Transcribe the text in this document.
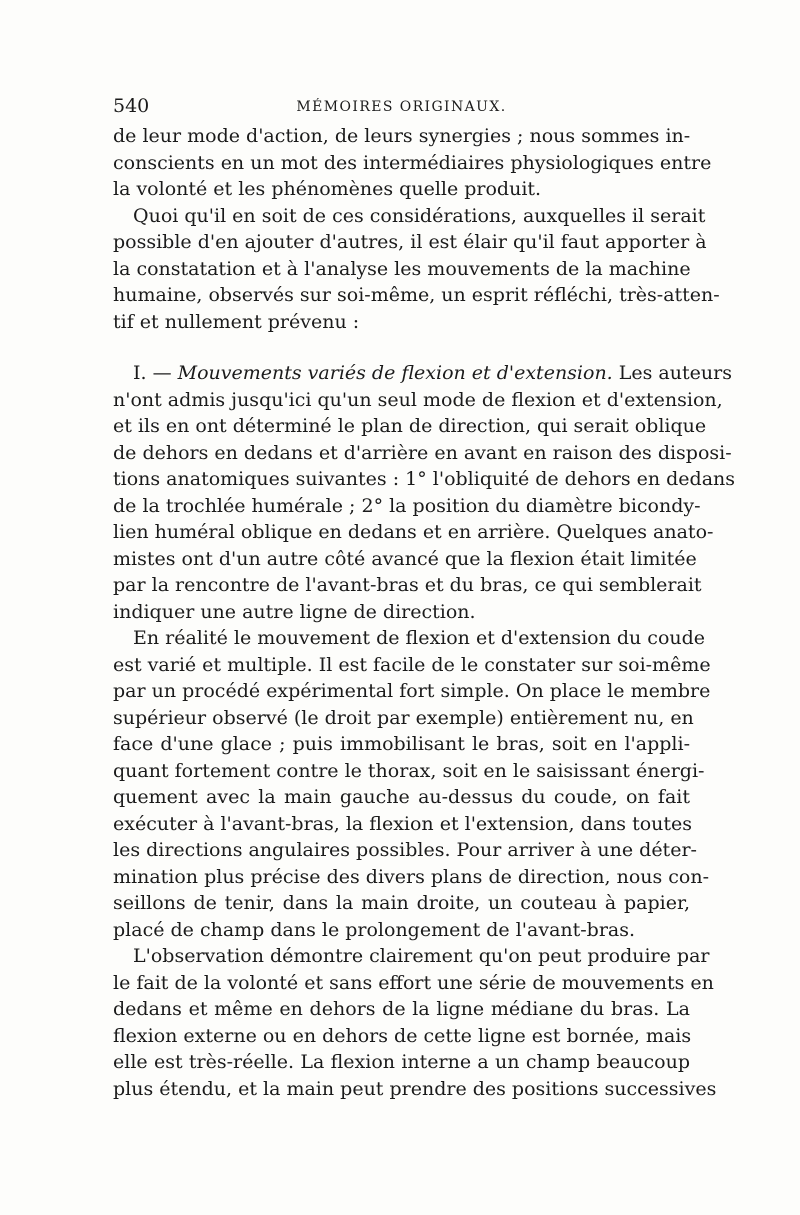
540	MÉMOIRES ORIGINAUX.
de leur mode d'action, de leurs synergies ; nous sommes in-
conscients en un mot des intermédiaires physiologiques entre
la volonté et les phénomènes quelle produit.
Quoi qu'il en soit de ces considérations, auxquelles il serait
possible d'en ajouter d'autres, il est élair qu'il faut apporter à
la constatation et à l'analyse les mouvements de la machine
humaine, observés sur soi-même, un esprit réfléchi, très-atten-
tif et nullement prévenu :
I. — Mouvements variés de flexion et d'extension. Les auteurs
n'ont admis jusqu'ici qu'un seul mode de flexion et d'extension,
et ils en ont déterminé le plan de direction, qui serait oblique
de dehors en dedans et d'arrière en avant en raison des disposi-
tions anatomiques suivantes : 1° l'obliquité de dehors en dedans
de la trochlée humérale ; 2° la position du diamètre bicondy-
lien huméral oblique en dedans et en arrière. Quelques anato-
mistes ont d'un autre côté avancé que la flexion était limitée
par la rencontre de l'avant-bras et du bras, ce qui semblerait
indiquer une autre ligne de direction.
En réalité le mouvement de flexion et d'extension du coude
est varié et multiple. Il est facile de le constater sur soi-même
par un procédé expérimental fort simple. On place le membre
supérieur observé (le droit par exemple) entièrement nu, en
face d'une glace ; puis immobilisant le bras, soit en l'appli-
quant fortement contre le thorax, soit en le saisissant énergi-
quement avec la main gauche au-dessus du coude, on fait
exécuter à l'avant-bras, la flexion et l'extension, dans toutes
les directions angulaires possibles. Pour arriver à une déter-
mination plus précise des divers plans de direction, nous con-
seillons de tenir, dans la main droite, un couteau à papier,
placé de champ dans le prolongement de l'avant-bras.
L'observation démontre clairement qu'on peut produire par
le fait de la volonté et sans effort une série de mouvements en
dedans et même en dehors de la ligne médiane du bras. La
flexion externe ou en dehors de cette ligne est bornée, mais
elle est très-réelle. La flexion interne a un champ beaucoup
plus étendu, et la main peut prendre des positions successives
